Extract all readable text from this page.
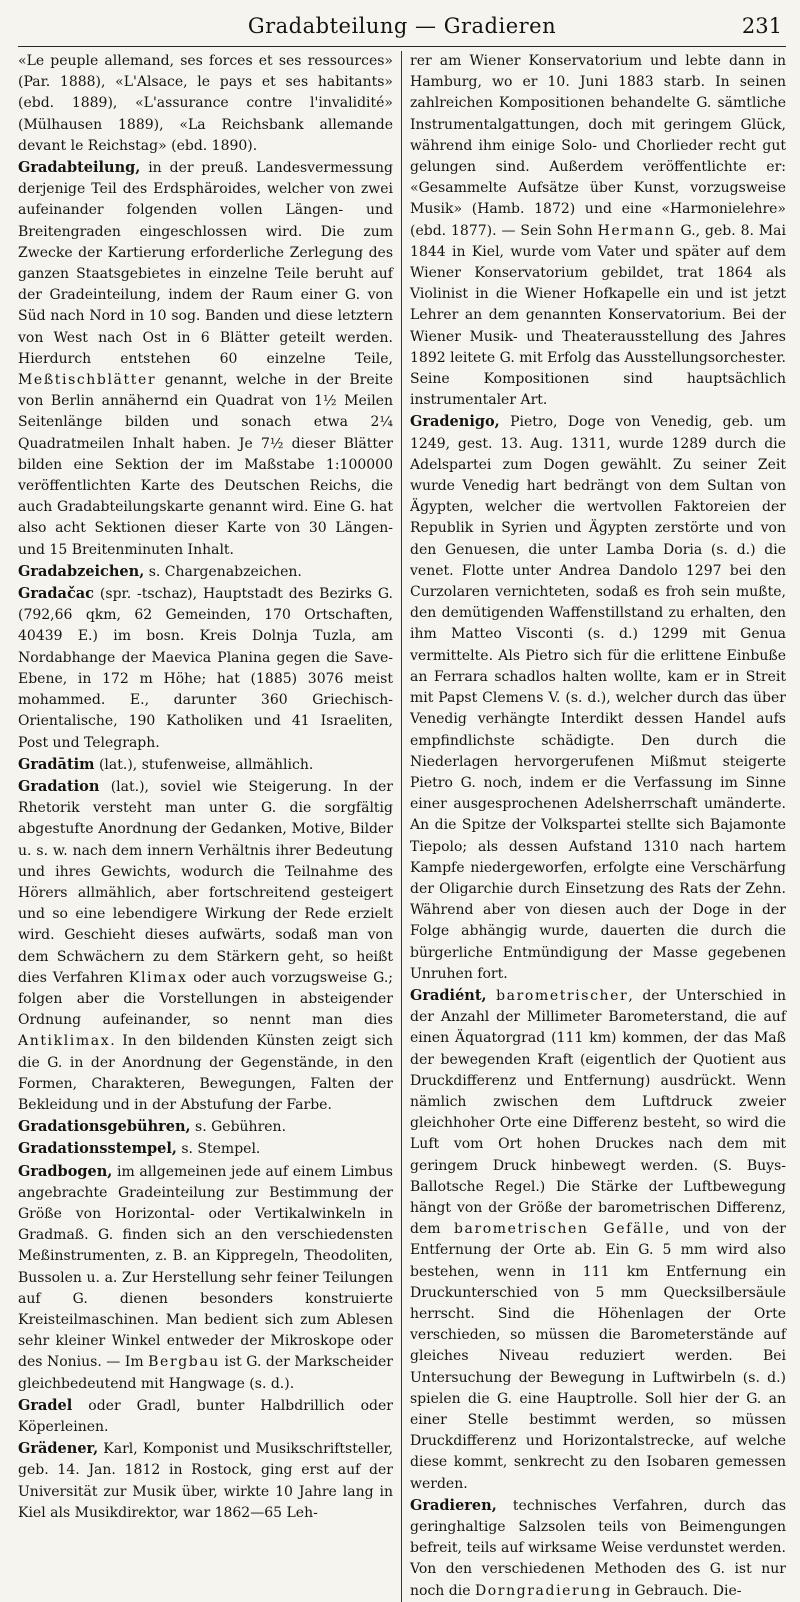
Gradabteilung — Gradieren	231

«Le peuple allemand, ses forces et ses ressources» (Par. 1888), «L'Alsace, le pays et ses habitants» (ebd. 1889), «L'assurance contre l'invalidité» (Mülhausen 1889), «La Reichsbank allemande devant le Reichstag» (ebd. 1890).

Gradabteilung, in der preuß. Landesvermessung derjenige Teil des Erdsphäroides, welcher von zwei aufeinander folgenden vollen Längen- und Breitengraden eingeschlossen wird. Die zum Zwecke der Kartierung erforderliche Zerlegung des ganzen Staatsgebietes in einzelne Teile beruht auf der Gradeinteilung, indem der Raum einer G. von Süd nach Nord in 10 sog. Banden und diese letztern von West nach Ost in 6 Blätter geteilt werden. Hierdurch entstehen 60 einzelne Teile, Meßtischblätter genannt, welche in der Breite von Berlin annähernd ein Quadrat von 1½ Meilen Seitenlänge bilden und sonach etwa 2¼ Quadratmeilen Inhalt haben. Je 7½ dieser Blätter bilden eine Sektion der im Maßstabe 1:100000 veröffentlichten Karte des Deutschen Reichs, die auch Gradabteilungskarte genannt wird. Eine G. hat also acht Sektionen dieser Karte von 30 Längen- und 15 Breitenminuten Inhalt.

Gradabzeichen, s. Chargenabzeichen.

Gradačac (spr. -tschaz), Hauptstadt des Bezirks G. (792,66 qkm, 62 Gemeinden, 170 Ortschaften, 40439 E.) im bosn. Kreis Dolnja Tuzla, am Nordabhange der Maevica Planina gegen die Save-Ebene, in 172 m Höhe; hat (1885) 3076 meist mohammed. E., darunter 360 Griechisch-Orientalische, 190 Katholiken und 41 Israeliten, Post und Telegraph.

Gradātim (lat.), stufenweise, allmählich.

Gradation (lat.), soviel wie Steigerung. In der Rhetorik versteht man unter G. die sorgfältig abgestufte Anordnung der Gedanken, Motive, Bilder u. s. w. nach dem innern Verhältnis ihrer Bedeutung und ihres Gewichts, wodurch die Teilnahme des Hörers allmählich, aber fortschreitend gesteigert und so eine lebendigere Wirkung der Rede erzielt wird. Geschieht dieses aufwärts, sodaß man von dem Schwächern zu dem Stärkern geht, so heißt dies Verfahren Klimax oder auch vorzugsweise G.; folgen aber die Vorstellungen in absteigender Ordnung aufeinander, so nennt man dies Antiklimax. In den bildenden Künsten zeigt sich die G. in der Anordnung der Gegenstände, in den Formen, Charakteren, Bewegungen, Falten der Bekleidung und in der Abstufung der Farbe.

Gradationsgebühren, s. Gebühren.

Gradationsstempel, s. Stempel.

Gradbogen, im allgemeinen jede auf einem Limbus angebrachte Gradeinteilung zur Bestimmung der Größe von Horizontal- oder Vertikalwinkeln in Gradmaß. G. finden sich an den verschiedensten Meßinstrumenten, z. B. an Kippregeln, Theodoliten, Bussolen u. a. Zur Herstellung sehr feiner Teilungen auf G. dienen besonders konstruierte Kreisteilmaschinen. Man bedient sich zum Ablesen sehr kleiner Winkel entweder der Mikroskope oder des Nonius. — Im Bergbau ist G. der Markscheider gleichbedeutend mit Hangwage (s. d.).

Gradel oder Gradl, bunter Halbdrillich oder Köperleinen.

Grädener, Karl, Komponist und Musikschriftsteller, geb. 14. Jan. 1812 in Rostock, ging erst auf der Universität zur Musik über, wirkte 10 Jahre lang in Kiel als Musikdirektor, war 1862—65 Leh-

rer am Wiener Konservatorium und lebte dann in Hamburg, wo er 10. Juni 1883 starb. In seinen zahlreichen Kompositionen behandelte G. sämtliche Instrumentalgattungen, doch mit geringem Glück, während ihm einige Solo- und Chorlieder recht gut gelungen sind. Außerdem veröffentlichte er: «Gesammelte Aufsätze über Kunst, vorzugsweise Musik» (Hamb. 1872) und eine «Harmonielehre» (ebd. 1877). — Sein Sohn Hermann G., geb. 8. Mai 1844 in Kiel, wurde vom Vater und später auf dem Wiener Konservatorium gebildet, trat 1864 als Violinist in die Wiener Hofkapelle ein und ist jetzt Lehrer an dem genannten Konservatorium. Bei der Wiener Musik- und Theaterausstellung des Jahres 1892 leitete G. mit Erfolg das Ausstellungsorchester. Seine Kompositionen sind hauptsächlich instrumentaler Art.

Gradenigo, Pietro, Doge von Venedig, geb. um 1249, gest. 13. Aug. 1311, wurde 1289 durch die Adelspartei zum Dogen gewählt. Zu seiner Zeit wurde Venedig hart bedrängt von dem Sultan von Ägypten, welcher die wertvollen Faktoreien der Republik in Syrien und Ägypten zerstörte und von den Genuesen, die unter Lamba Doria (s. d.) die venet. Flotte unter Andrea Dandolo 1297 bei den Curzolaren vernichteten, sodaß es froh sein mußte, den demütigenden Waffenstillstand zu erhalten, den ihm Matteo Visconti (s. d.) 1299 mit Genua vermittelte. Als Pietro sich für die erlittene Einbuße an Ferrara schadlos halten wollte, kam er in Streit mit Papst Clemens V. (s. d.), welcher durch das über Venedig verhängte Interdikt dessen Handel aufs empfindlichste schädigte. Den durch die Niederlagen hervorgerufenen Mißmut steigerte Pietro G. noch, indem er die Verfassung im Sinne einer ausgesprochenen Adelsherrschaft umänderte. An die Spitze der Volkspartei stellte sich Bajamonte Tiepolo; als dessen Aufstand 1310 nach hartem Kampfe niedergeworfen, erfolgte eine Verschärfung der Oligarchie durch Einsetzung des Rats der Zehn. Während aber von diesen auch der Doge in der Folge abhängig wurde, dauerten die durch die bürgerliche Entmündigung der Masse gegebenen Unruhen fort.

Gradiént, barometrischer, der Unterschied in der Anzahl der Millimeter Barometerstand, die auf einen Äquatorgrad (111 km) kommen, der das Maß der bewegenden Kraft (eigentlich der Quotient aus Druckdifferenz und Entfernung) ausdrückt. Wenn nämlich zwischen dem Luftdruck zweier gleichhoher Orte eine Differenz besteht, so wird die Luft vom Ort hohen Druckes nach dem mit geringem Druck hinbewegt werden. (S. Buys-Ballotsche Regel.) Die Stärke der Luftbewegung hängt von der Größe der barometrischen Differenz, dem barometrischen Gefälle, und von der Entfernung der Orte ab. Ein G. 5 mm wird also bestehen, wenn in 111 km Entfernung ein Druckunterschied von 5 mm Quecksilbersäule herrscht. Sind die Höhenlagen der Orte verschieden, so müssen die Barometerstände auf gleiches Niveau reduziert werden. Bei Untersuchung der Bewegung in Luftwirbeln (s. d.) spielen die G. eine Hauptrolle. Soll hier der G. an einer Stelle bestimmt werden, so müssen Druckdifferenz und Horizontalstrecke, auf welche diese kommt, senkrecht zu den Isobaren gemessen werden.

Gradieren, technisches Verfahren, durch das geringhaltige Salzsolen teils von Beimengungen befreit, teils auf wirksame Weise verdunstet werden. Von den verschiedenen Methoden des G. ist nur noch die Dorngradierung in Gebrauch. Die-
